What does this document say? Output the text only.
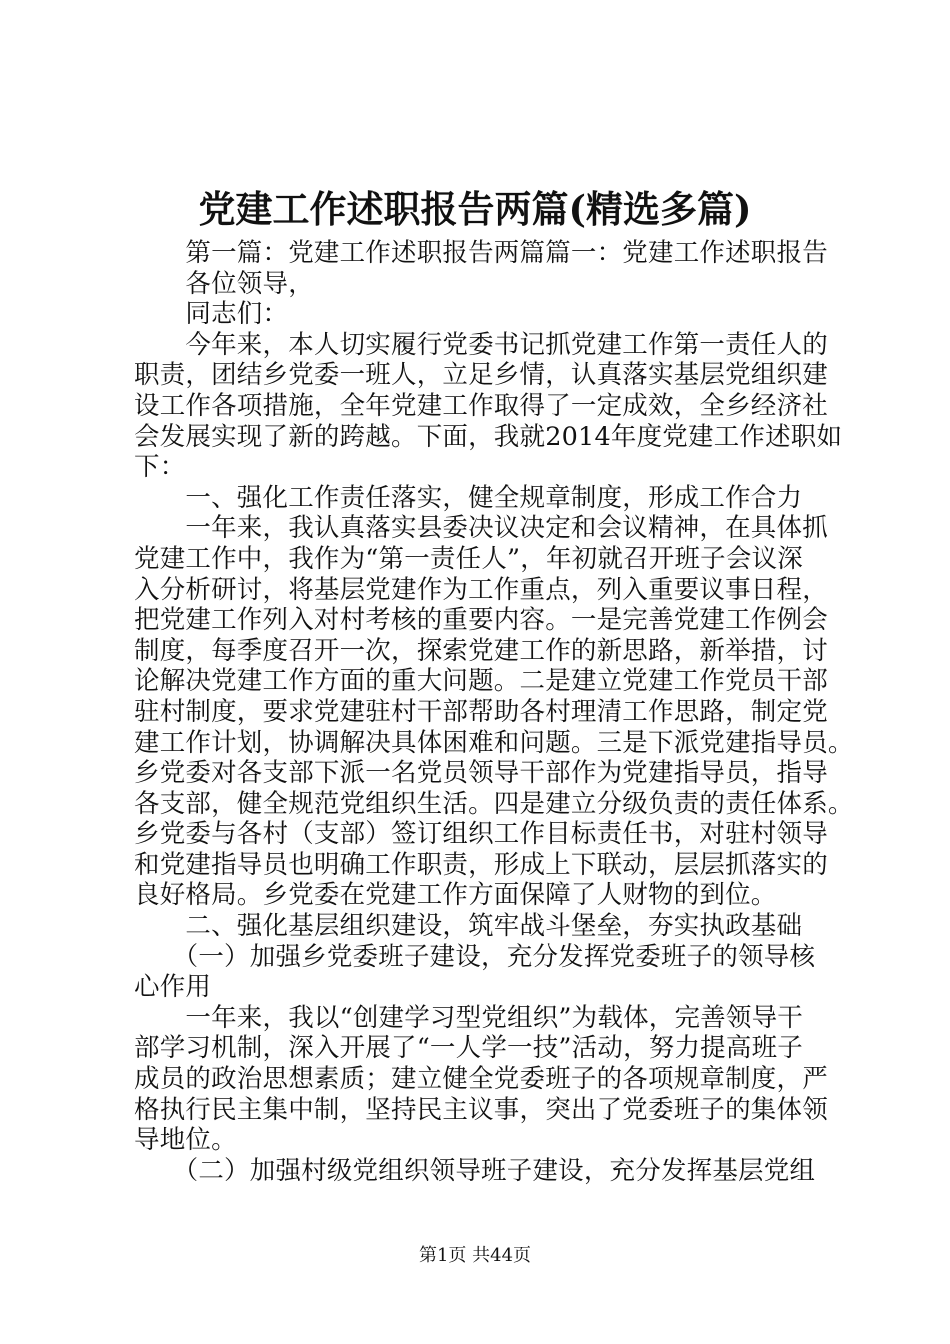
党建工作述职报告两篇(精选多篇)
　　第一篇：党建工作述职报告两篇篇一：党建工作述职报告
　　各位领导，
　　同志们：
　　今年来，本人切实履行党委书记抓党建工作第一责任人的
职责，团结乡党委一班人，立足乡情，认真落实基层党组织建
设工作各项措施，全年党建工作取得了一定成效，全乡经济社
会发展实现了新的跨越。下面，我就2014年度党建工作述职如
下：
　　一、强化工作责任落实，健全规章制度，形成工作合力
　　一年来，我认真落实县委决议决定和会议精神，在具体抓
党建工作中，我作为“第一责任人”，年初就召开班子会议深
入分析研讨，将基层党建作为工作重点，列入重要议事日程，
把党建工作列入对村考核的重要内容。一是完善党建工作例会
制度，每季度召开一次，探索党建工作的新思路，新举措，讨
论解决党建工作方面的重大问题。二是建立党建工作党员干部
驻村制度，要求党建驻村干部帮助各村理清工作思路，制定党
建工作计划，协调解决具体困难和问题。三是下派党建指导员。
乡党委对各支部下派一名党员领导干部作为党建指导员，指导
各支部，健全规范党组织生活。四是建立分级负责的责任体系。
乡党委与各村（支部）签订组织工作目标责任书，对驻村领导
和党建指导员也明确工作职责，形成上下联动，层层抓落实的
良好格局。乡党委在党建工作方面保障了人财物的到位。
　　二、强化基层组织建设，筑牢战斗堡垒，夯实执政基础
　　（一）加强乡党委班子建设，充分发挥党委班子的领导核
心作用
　　一年来，我以“创建学习型党组织”为载体，完善领导干
部学习机制，深入开展了“一人学一技”活动，努力提高班子
成员的政治思想素质；建立健全党委班子的各项规章制度，严
格执行民主集中制，坚持民主议事，突出了党委班子的集体领
导地位。
　　（二）加强村级党组织领导班子建设，充分发挥基层党组
第1页 共44页
